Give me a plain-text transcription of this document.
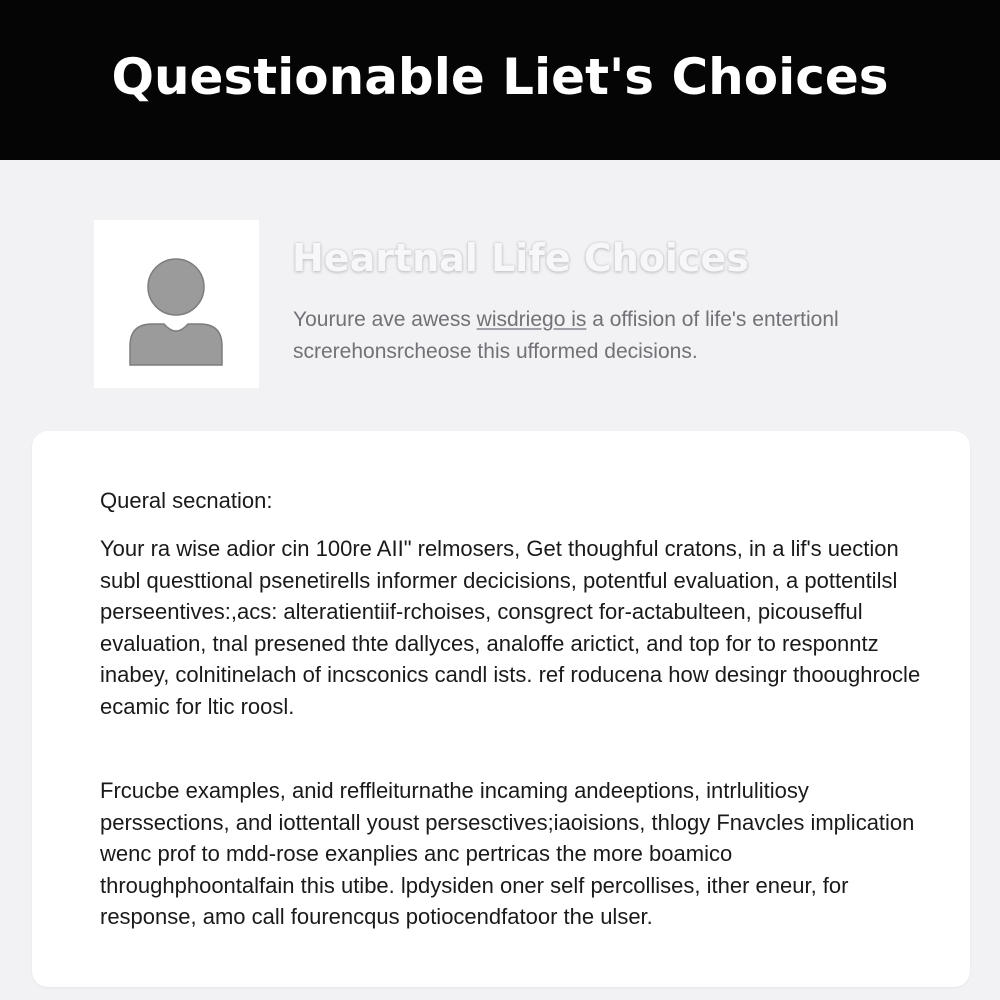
Questionable Liet's Choices
Heartnal Life Choices

Yourure ave awess wisdriego is a offision of life's entertionl screrehonsrcheose this ufformed decisions.

Queral secnation:

Your ra wise adior cin 100re AII" relmosers, Get thoughful cratons, in a lif's uection subl questtional psenetirells informer decicisions, potentful evaluation, a pottentilsl perseentives:,acs: alteratientiif-rchoises, consgrect for-actabulteen, picousefful evaluation, tnal presened thte dallyces, analoffe arictict, and top for to responntz inabey, colnitinelach of incsconics candl ists. ref roducena how desingr thooughrocle ecamic for ltic roosl.

Frcucbe examples, anid reffleiturnathe incaming andeeptions, intrlulitiosy perssections, and iottentall youst persesctives;iaoisions, thlogy Fnavcles implication wenc prof to mdd-rose exanplies anc pertricas the more boamico throughphoontalfain this utibe. lpdysiden oner self percollises, ither eneur, for response, amo call fourencqus potiocendfatoor the ulser.
